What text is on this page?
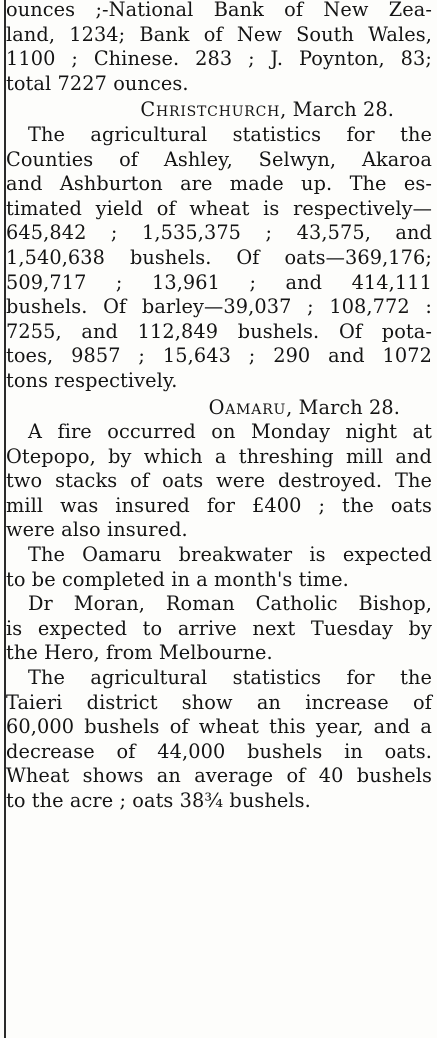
ounces ;-National Bank of New Zea-
land, 1234; Bank of New South Wales,
1100 ; Chinese. 283 ; J. Poynton, 83;
total 7227 ounces.
Christchurch, March 28.
The agricultural statistics for the
Counties of Ashley, Selwyn, Akaroa
and Ashburton are made up. The es-
timated yield of wheat is respectively—
645,842 ; 1,535,375 ; 43,575, and
1,540,638 bushels. Of oats—369,176;
509,717 ; 13,961 ; and 414,111
bushels. Of barley—39,037 ; 108,772 :
7255, and 112,849 bushels. Of pota-
toes, 9857 ; 15,643 ; 290 and 1072
tons respectively.
Oamaru, March 28.
A fire occurred on Monday night at
Otepopo, by which a threshing mill and
two stacks of oats were destroyed. The
mill was insured for £400 ; the oats
were also insured.
The Oamaru breakwater is expected
to be completed in a month's time.
Dr Moran, Roman Catholic Bishop,
is expected to arrive next Tuesday by
the Hero, from Melbourne.
The agricultural statistics for the
Taieri district show an increase of
60,000 bushels of wheat this year, and a
decrease of 44,000 bushels in oats.
Wheat shows an average of 40 bushels
to the acre ; oats 38¾ bushels.
